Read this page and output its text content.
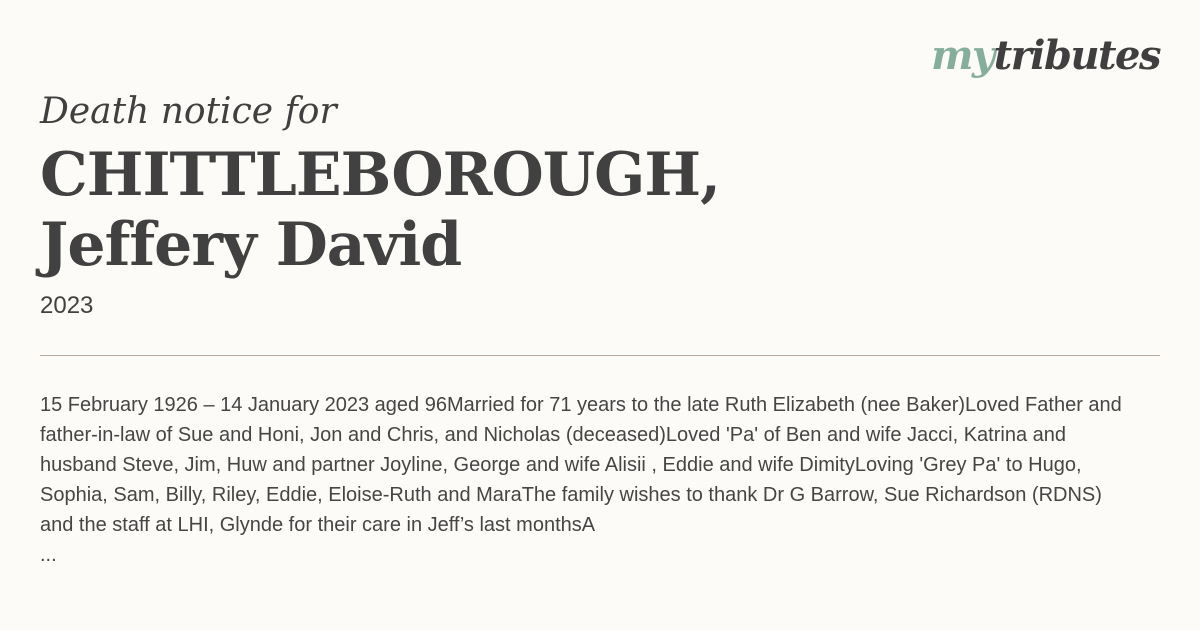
mytributes

Death notice for

CHITTLEBOROUGH,
Jeffery David

2023

15 February 1926 – 14 January 2023 aged 96Married for 71 years to the late Ruth Elizabeth (nee Baker)Loved Father and father-in-law of Sue and Honi, Jon and Chris, and Nicholas (deceased)Loved 'Pa' of Ben and wife Jacci, Katrina and husband Steve, Jim, Huw and partner Joyline, George and wife Alisii , Eddie and wife DimityLoving 'Grey Pa' to Hugo, Sophia, Sam, Billy, Riley, Eddie, Eloise-Ruth and MaraThe family wishes to thank Dr G Barrow, Sue Richardson (RDNS) and the staff at LHI, Glynde for their care in Jeff’s last monthsA

...
